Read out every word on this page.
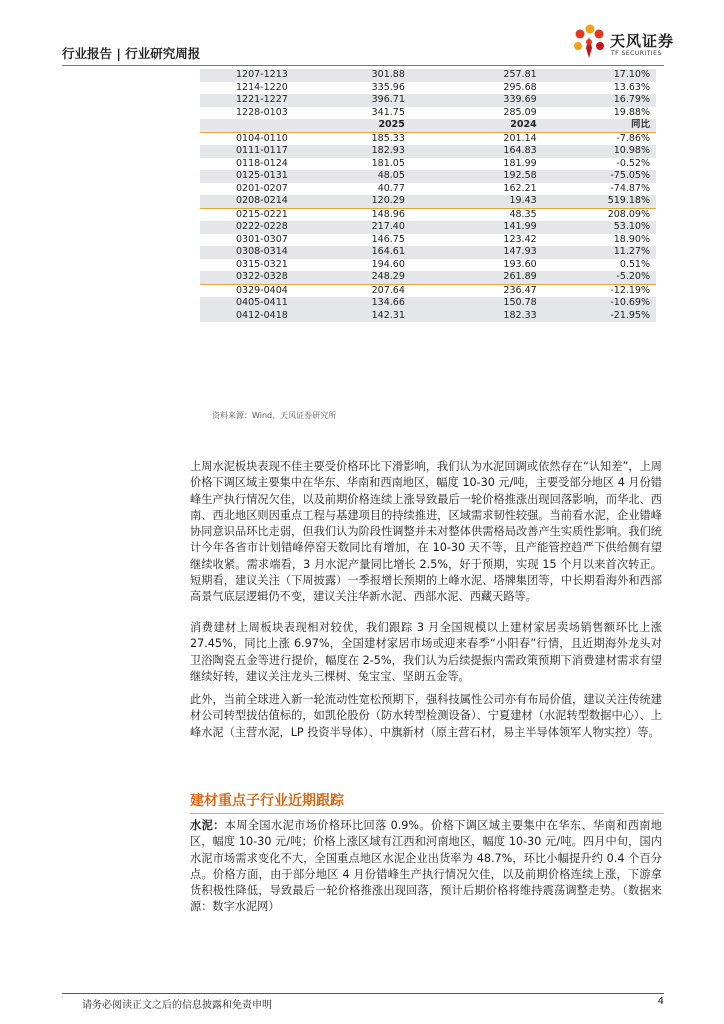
行业报告 | 行业研究周报
天风证券
TF SECURITIES
1207-1213	301.88	257.81	17.10%
1214-1220	335.96	295.68	13.63%
1221-1227	396.71	339.69	16.79%
1228-0103	341.75	285.09	19.88%
	2025	2024	同比
0104-0110	185.33	201.14	-7.86%
0111-0117	182.93	164.83	10.98%
0118-0124	181.05	181.99	-0.52%
0125-0131	48.05	192.58	-75.05%
0201-0207	40.77	162.21	-74.87%
0208-0214	120.29	19.43	519.18%
0215-0221	148.96	48.35	208.09%
0222-0228	217.40	141.99	53.10%
0301-0307	146.75	123.42	18.90%
0308-0314	164.61	147.93	11.27%
0315-0321	194.60	193.60	0.51%
0322-0328	248.29	261.89	-5.20%
0329-0404	207.64	236.47	-12.19%
0405-0411	134.66	150.78	-10.69%
0412-0418	142.31	182.33	-21.95%
资料来源：Wind、天风证券研究所

上周水泥板块表现不佳主要受价格环比下滑影响，我们认为水泥回调或依然存在“认知差”，上周价格下调区域主要集中在华东、华南和西南地区，幅度 10-30 元/吨，主要受部分地区 4 月份错峰生产执行情况欠佳，以及前期价格连续上涨导致最后一轮价格推涨出现回落影响，而华北、西南、西北地区则因重点工程与基建项目的持续推进，区域需求韧性较强。当前看水泥，企业错峰协同意识品环比走弱，但我们认为阶段性调整并未对整体供需格局改善产生实质性影响。我们统计今年各省市计划错峰停窑天数同比有增加，在 10-30 天不等，且产能管控趋严下供给侧有望继续收紧。需求端看，3 月水泥产量同比增长 2.5%，好于预期，实现 15 个月以来首次转正。短期看，建议关注（下周披露）一季报增长预期的上峰水泥、塔牌集团等，中长期看海外和西部高景气底层逻辑仍不变，建议关注华新水泥、西部水泥、西藏天路等。

消费建材上周板块表现相对较优，我们跟踪 3 月全国规模以上建材家居卖场销售额环比上涨 27.45%，同比上涨 6.97%，全国建材家居市场或迎来春季“小阳春”行情，且近期海外龙头对卫浴陶瓷五金等进行提价，幅度在 2-5%，我们认为后续提振内需政策预期下消费建材需求有望继续好转，建议关注龙头三棵树、兔宝宝、坚朗五金等。

此外，当前全球进入新一轮流动性宽松预期下，强科技属性公司亦有布局价值，建议关注传统建材公司转型拔估值标的，如凯伦股份（防水转型检测设备）、宁夏建材（水泥转型数据中心）、上峰水泥（主营水泥，LP 投资半导体）、中旗新材（原主营石材，易主半导体领军人物实控）等。

建材重点子行业近期跟踪

水泥：本周全国水泥市场价格环比回落 0.9%。价格下调区域主要集中在华东、华南和西南地区，幅度 10-30 元/吨；价格上涨区域有江西和河南地区，幅度 10-30 元/吨。四月中旬，国内水泥市场需求变化不大，全国重点地区水泥企业出货率为 48.7%，环比小幅提升约 0.4 个百分点。价格方面，由于部分地区 4 月份错峰生产执行情况欠佳，以及前期价格连续上涨，下游拿货积极性降低，导致最后一轮价格推涨出现回落，预计后期价格将维持震荡调整走势。（数据来源：数字水泥网）

请务必阅读正文之后的信息披露和免责申明	4
